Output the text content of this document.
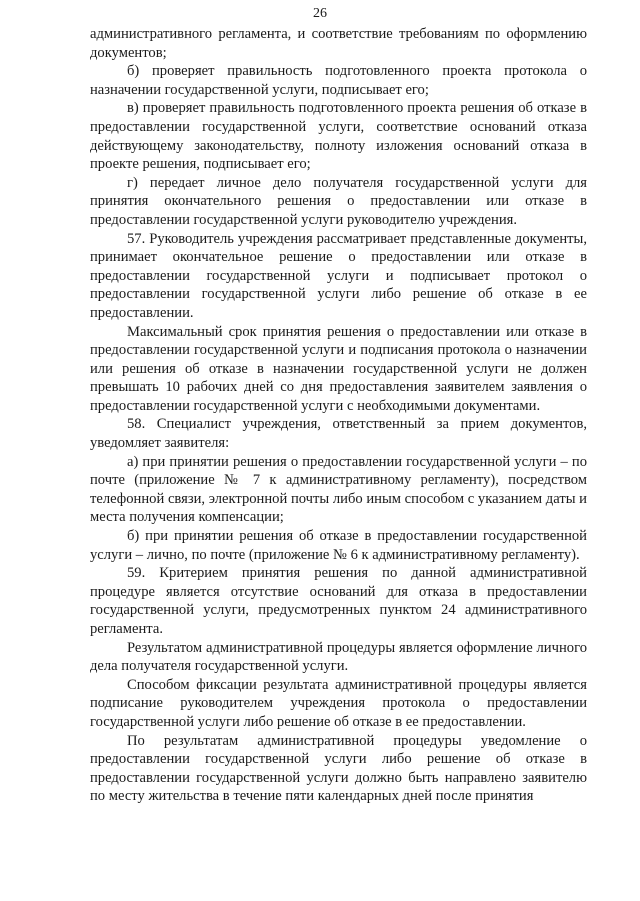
26

административного регламента, и соответствие требованиям по оформлению документов;

б) проверяет правильность подготовленного проекта протокола о назначении государственной услуги, подписывает его;

в) проверяет правильность подготовленного проекта решения об отказе в предоставлении государственной услуги, соответствие оснований отказа действующему законодательству, полноту изложения оснований отказа в проекте решения, подписывает его;

г) передает личное дело получателя государственной услуги для принятия окончательного решения о предоставлении или отказе в предоставлении государственной услуги руководителю учреждения.

57. Руководитель учреждения рассматривает представленные документы, принимает окончательное решение о предоставлении или отказе в предоставлении государственной услуги и подписывает протокол о предоставлении государственной услуги либо решение об отказе в ее предоставлении.

Максимальный срок принятия решения о предоставлении или отказе в предоставлении государственной услуги и подписания протокола о назначении или решения об отказе в назначении государственной услуги не должен превышать 10 рабочих дней со дня предоставления заявителем заявления о предоставлении государственной услуги с необходимыми документами.

58. Специалист учреждения, ответственный за прием документов, уведомляет заявителя:

а) при принятии решения о предоставлении государственной услуги – по почте (приложение № 7 к административному регламенту), посредством телефонной связи, электронной почты либо иным способом с указанием даты и места получения компенсации;

б) при принятии решения об отказе в предоставлении государственной услуги – лично, по почте (приложение № 6 к административному регламенту).

59. Критерием принятия решения по данной административной процедуре является отсутствие оснований для отказа в предоставлении государственной услуги, предусмотренных пунктом 24 административного регламента.

Результатом административной процедуры является оформление личного дела получателя государственной услуги.

Способом фиксации результата административной процедуры является подписание руководителем учреждения протокола о предоставлении государственной услуги либо решение об отказе в ее предоставлении.

По результатам административной процедуры уведомление о предоставлении государственной услуги либо решение об отказе в предоставлении государственной услуги должно быть направлено заявителю по месту жительства в течение пяти календарных дней после принятия
